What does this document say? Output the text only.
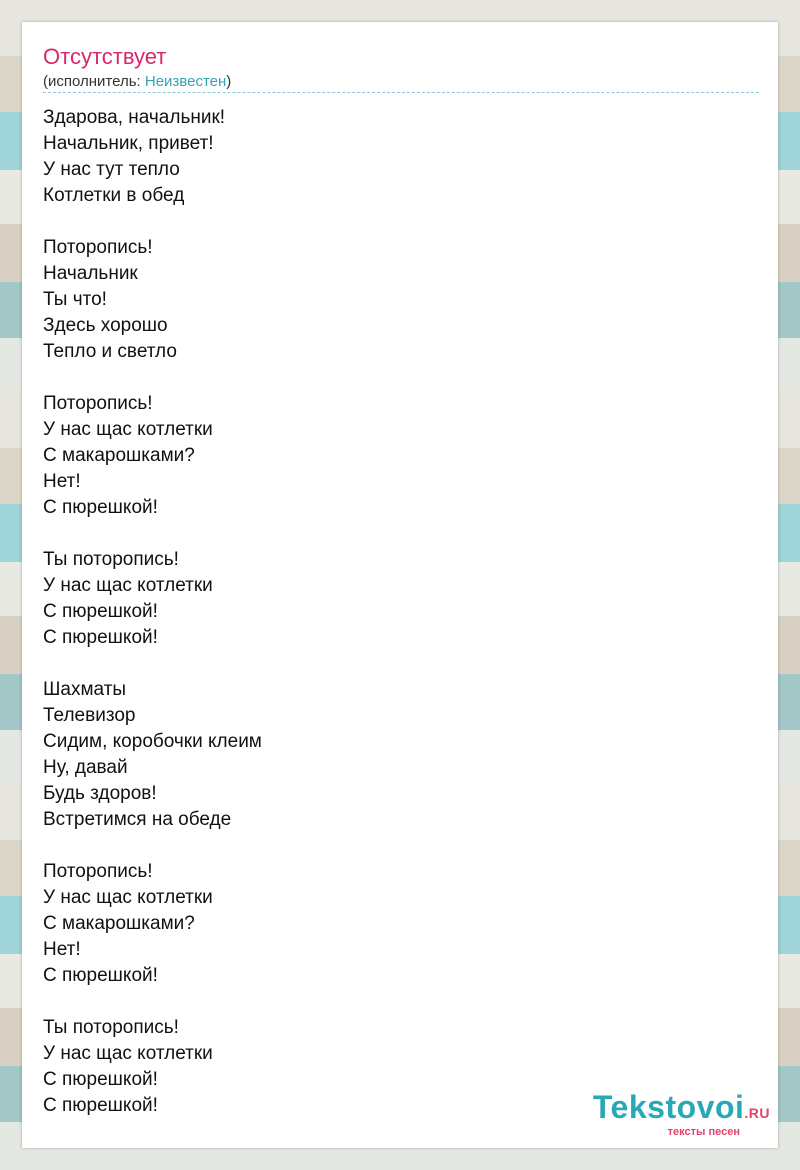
Отсутствует
(исполнитель: Неизвестен)
Здарова, начальник!
Начальник, привет!
У нас тут тепло
Котлетки в обед
Поторопись!
Начальник
Ты что!
Здесь хорошо
Тепло и светло
Поторопись!
У нас щас котлетки
С макарошками?
Нет!
С пюрешкой!
Ты поторопись!
У нас щас котлетки
С пюрешкой!
С пюрешкой!
Шахматы
Телевизор
Сидим, коробочки клеим
Ну, давай
Будь здоров!
Встретимся на обеде
Поторопись!
У нас щас котлетки
С макарошками?
Нет!
С пюрешкой!
Ты поторопись!
У нас щас котлетки
С пюрешкой!
С пюрешкой!	Tekstovoi.RU
тексты песен
